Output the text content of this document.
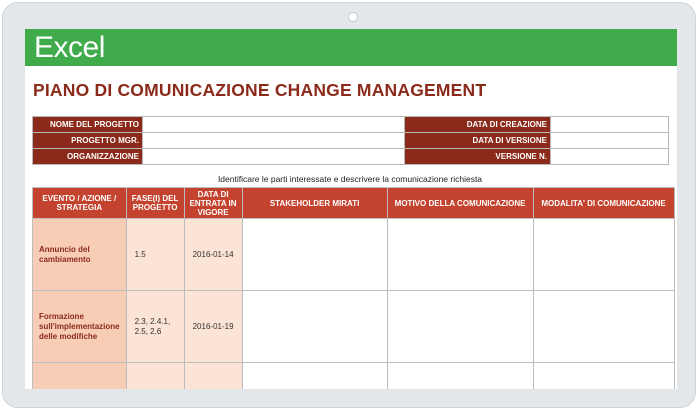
Excel
PIANO DI COMUNICAZIONE CHANGE MANAGEMENT
NOME DEL PROGETTO		DATA DI CREAZIONE	
PROGETTO MGR.		DATA DI VERSIONE	
ORGANIZZAZIONE		VERSIONE N.	
Identificare le parti interessate e descrivere la comunicazione richiesta
EVENTO / AZIONE / STRATEGIA	FASE(I) DEL PROGETTO	DATA DI ENTRATA IN VIGORE	STAKEHOLDER MIRATI	MOTIVO DELLA COMUNICAZIONE	MODALITA' DI COMUNICAZIONE
Annuncio del cambiamento	1.5	2016-01-14			
Formazione sull'implementazione delle modifiche	2.3, 2.4.1, 2.5, 2.6	2016-01-19			
